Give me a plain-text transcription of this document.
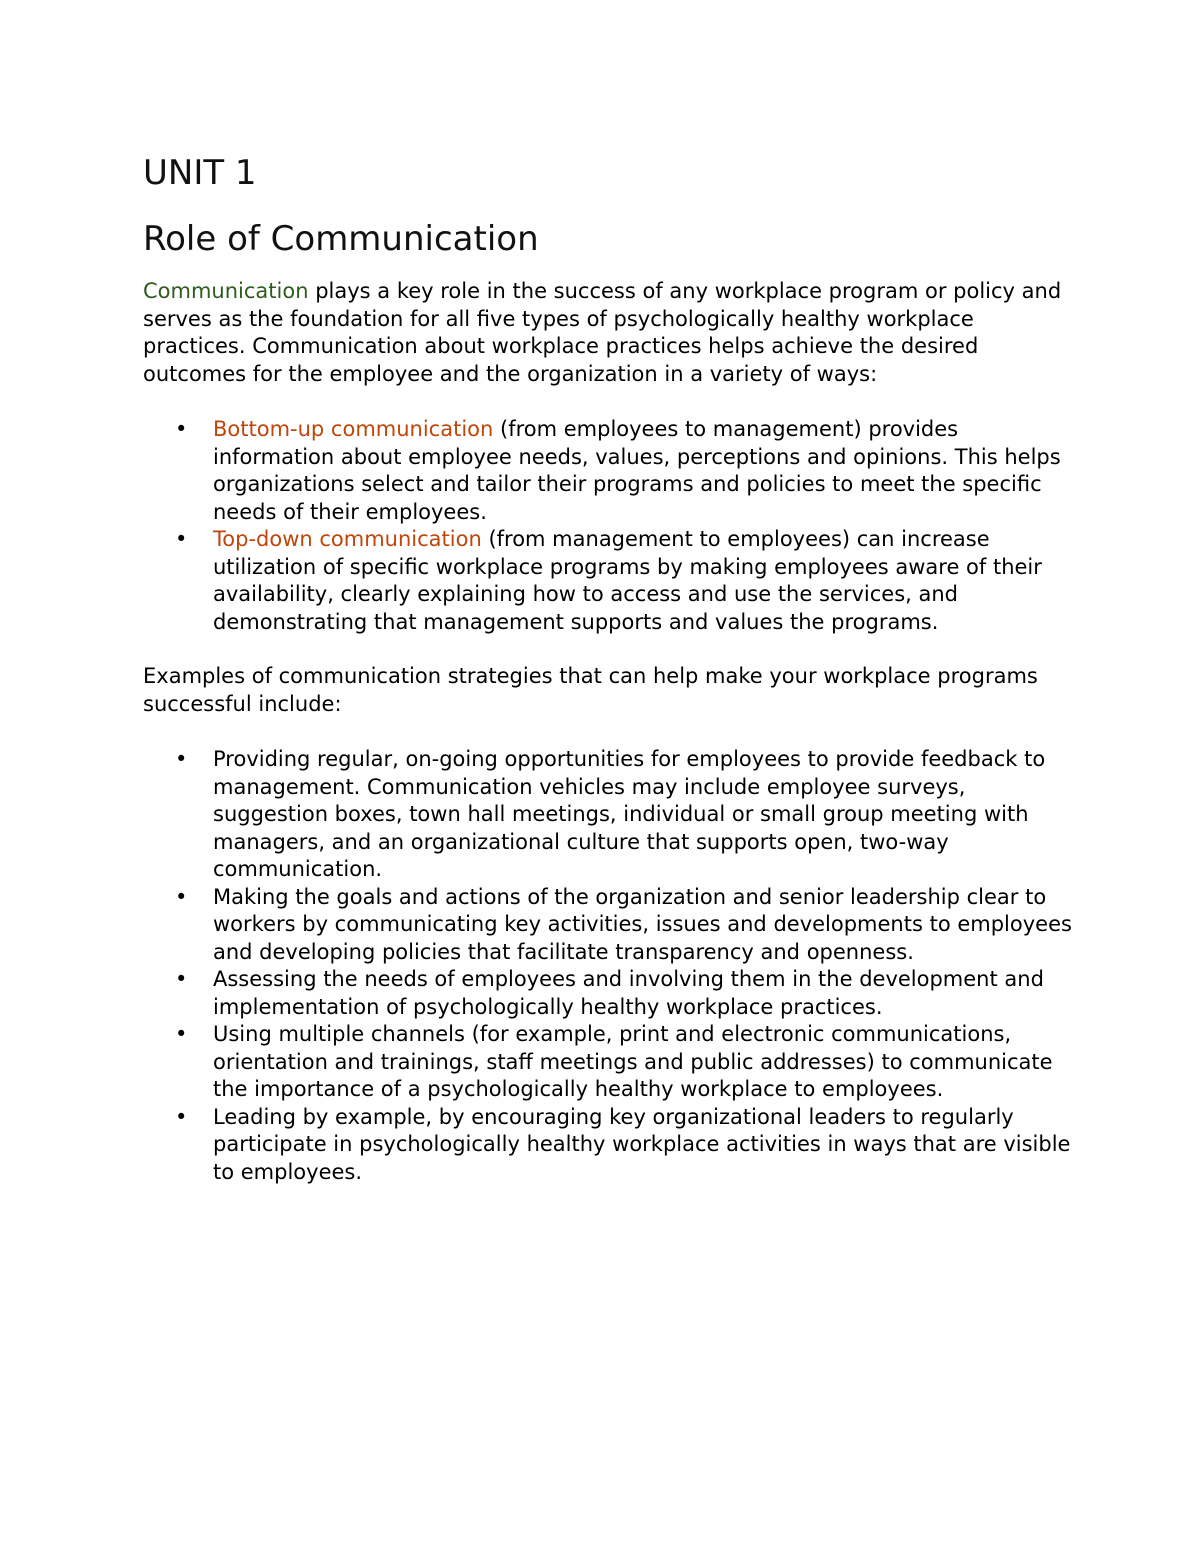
UNIT 1
Role of Communication

Communication plays a key role in the success of any workplace program or policy and serves as the foundation for all five types of psychologically healthy workplace practices. Communication about workplace practices helps achieve the desired outcomes for the employee and the organization in a variety of ways:

• Bottom-up communication (from employees to management) provides information about employee needs, values, perceptions and opinions. This helps organizations select and tailor their programs and policies to meet the specific needs of their employees.
• Top-down communication (from management to employees) can increase utilization of specific workplace programs by making employees aware of their availability, clearly explaining how to access and use the services, and demonstrating that management supports and values the programs.

Examples of communication strategies that can help make your workplace programs successful include:

• Providing regular, on-going opportunities for employees to provide feedback to management. Communication vehicles may include employee surveys, suggestion boxes, town hall meetings, individual or small group meeting with managers, and an organizational culture that supports open, two-way communication.
• Making the goals and actions of the organization and senior leadership clear to workers by communicating key activities, issues and developments to employees and developing policies that facilitate transparency and openness.
• Assessing the needs of employees and involving them in the development and implementation of psychologically healthy workplace practices.
• Using multiple channels (for example, print and electronic communications, orientation and trainings, staff meetings and public addresses) to communicate the importance of a psychologically healthy workplace to employees.
• Leading by example, by encouraging key organizational leaders to regularly participate in psychologically healthy workplace activities in ways that are visible to employees.
